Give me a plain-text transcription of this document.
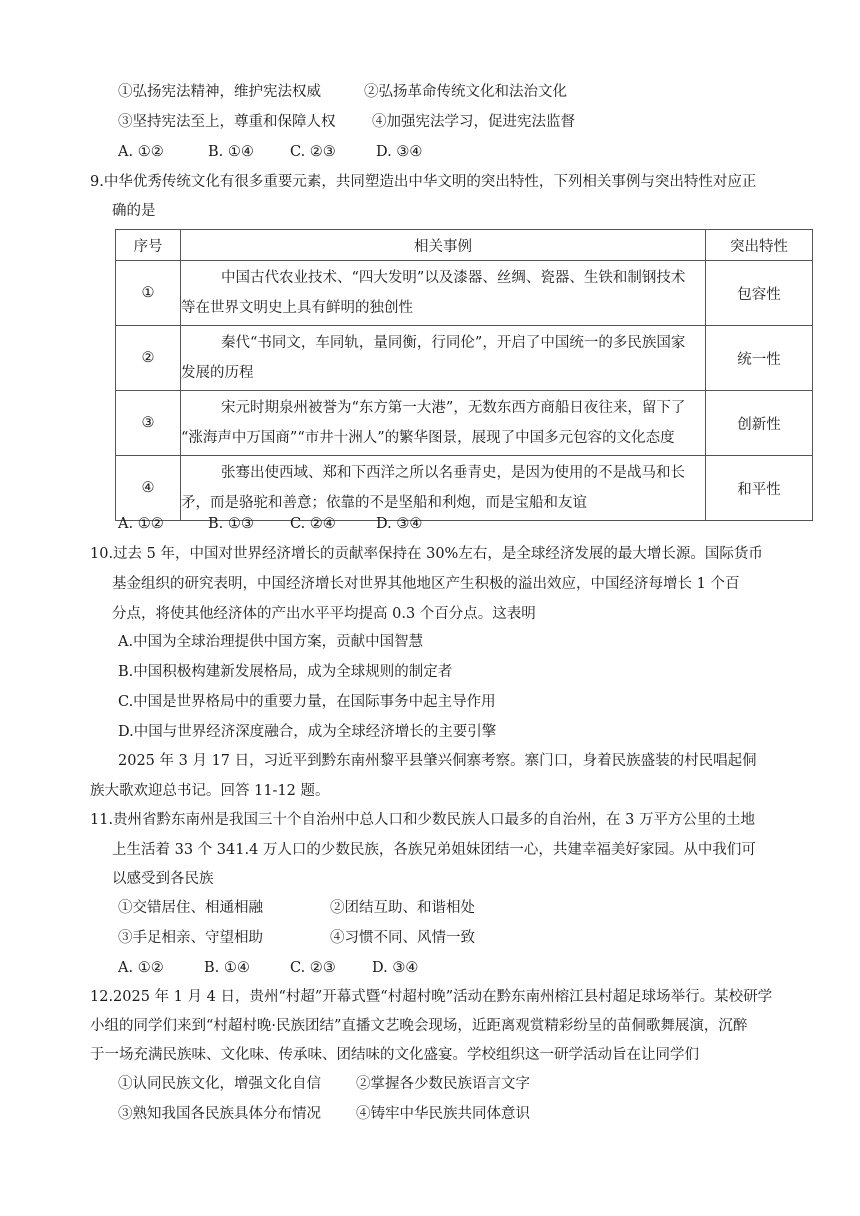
①弘扬宪法精神，维护宪法权威	②弘扬革命传统文化和法治文化
③坚持宪法至上，尊重和保障人权	④加强宪法学习，促进宪法监督
A. ①②	B. ①④ C. ②③	D. ③④
9.中华优秀传统文化有很多重要元素，共同塑造出中华文明的突出特性，下列相关事例与突出特性对应正
确的是
序号	相关事例	突出特性
①	中国古代农业技术、“四大发明”以及漆器、丝绸、瓷器、生铁和制钢技术
等在世界文明史上具有鲜明的独创性	包容性
②	秦代“书同文，车同轨，量同衡，行同伦”，开启了中国统一的多民族国家
发展的历程	统一性
③	宋元时期泉州被誉为“东方第一大港”，无数东西方商船日夜往来，留下了
“涨海声中万国商”“市井十洲人”的繁华图景，展现了中国多元包容的文化态度	创新性
④	张骞出使西域、郑和下西洋之所以名垂青史，是因为使用的不是战马和长
矛，而是骆驼和善意；依靠的不是坚船和利炮，而是宝船和友谊	和平性
A. ①②	B. ①③ C. ②④	D. ③④
10.过去 5 年，中国对世界经济增长的贡献率保持在 30%左右，是全球经济发展的最大增长源。国际货币
基金组织的研究表明，中国经济增长对世界其他地区产生积极的溢出效应，中国经济每增长 1 个百
分点，将使其他经济体的产出水平平均提高 0.3 个百分点。这表明
A.中国为全球治理提供中国方案，贡献中国智慧
B.中国积极构建新发展格局，成为全球规则的制定者
C.中国是世界格局中的重要力量，在国际事务中起主导作用
D.中国与世界经济深度融合，成为全球经济增长的主要引擎
2025 年 3 月 17 日，习近平到黔东南州黎平县肇兴侗寨考察。寨门口，身着民族盛装的村民唱起侗
族大歌欢迎总书记。回答 11-12 题。
11.贵州省黔东南州是我国三十个自治州中总人口和少数民族人口最多的自治州，在 3 万平方公里的土地
上生活着 33 个 341.4 万人口的少数民族，各族兄弟姐妹团结一心，共建幸福美好家园。从中我们可
以感受到各民族
①交错居住、相通相融	②团结互助、和谐相处
③手足相亲、守望相助	④习惯不同、风情一致
A. ①②	B. ①④	C. ②③ D. ③④
12.2025 年 1 月 4 日，贵州“村超”开幕式暨“村超村晚”活动在黔东南州榕江县村超足球场举行。某校研学
小组的同学们来到“村超村晚·民族团结”直播文艺晚会现场，近距离观赏精彩纷呈的苗侗歌舞展演，沉醉
于一场充满民族味、文化味、传承味、团结味的文化盛宴。学校组织这一研学活动旨在让同学们
①认同民族文化，增强文化自信 ②掌握各少数民族语言文字
③熟知我国各民族具体分布情况 ④铸牢中华民族共同体意识
